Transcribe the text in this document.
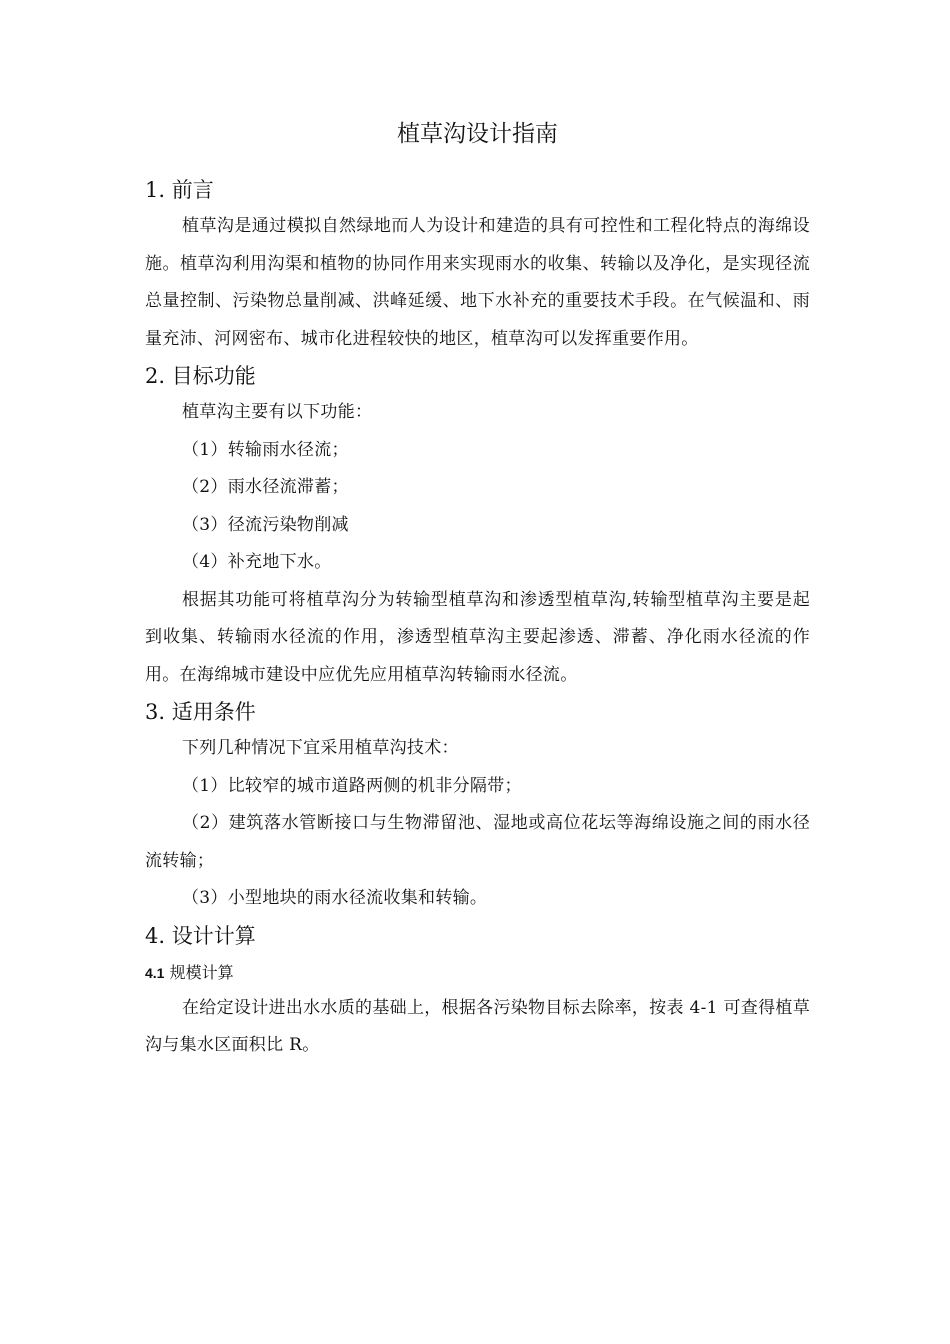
植草沟设计指南
1. 前言

植草沟是通过模拟自然绿地而人为设计和建造的具有可控性和工程化特点的海绵设施。植草沟利用沟渠和植物的协同作用来实现雨水的收集、转输以及净化，是实现径流总量控制、污染物总量削减、洪峰延缓、地下水补充的重要技术手段。在气候温和、雨量充沛、河网密布、城市化进程较快的地区，植草沟可以发挥重要作用。

2. 目标功能

植草沟主要有以下功能：

（1）转输雨水径流；

（2）雨水径流滞蓄；

（3）径流污染物削减

（4）补充地下水。

根据其功能可将植草沟分为转输型植草沟和渗透型植草沟,转输型植草沟主要是起到收集、转输雨水径流的作用，渗透型植草沟主要起渗透、滞蓄、净化雨水径流的作用。在海绵城市建设中应优先应用植草沟转输雨水径流。

3. 适用条件

下列几种情况下宜采用植草沟技术：

（1）比较窄的城市道路两侧的机非分隔带；

（2）建筑落水管断接口与生物滞留池、湿地或高位花坛等海绵设施之间的雨水径流转输；

（3）小型地块的雨水径流收集和转输。

4. 设计计算
4.1 规模计算

在给定设计进出水水质的基础上，根据各污染物目标去除率，按表 4-1 可查得植草沟与集水区面积比 R。
